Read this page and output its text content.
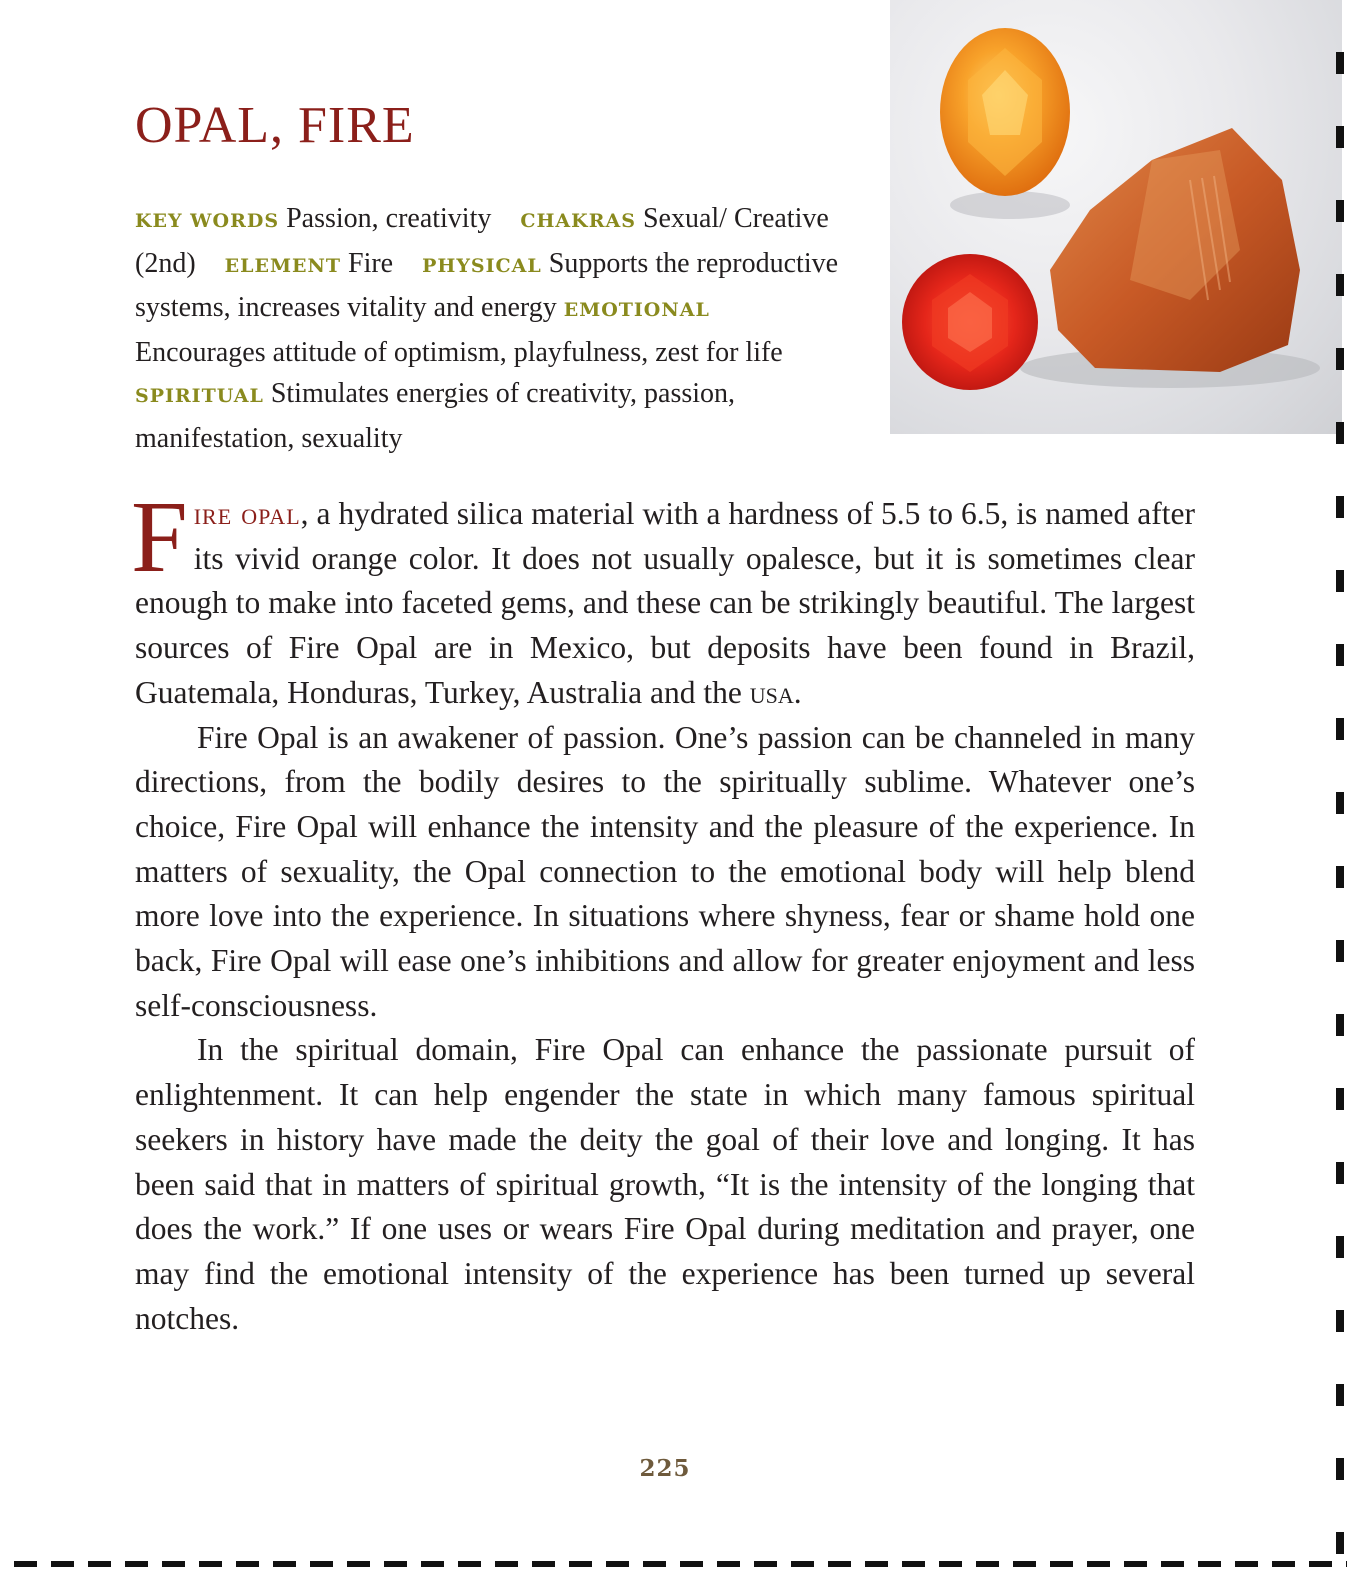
OPAL, FIRE
KEY WORDS Passion, creativity CHAKRAS Sexual/ Creative (2nd) ELEMENT Fire PHYSICAL Supports the reproductive systems, increases vitality and energy EMOTIONAL Encourages attitude of optimism, playfulness, zest for life SPIRITUAL Stimulates energies of creativity, passion, manifestation, sexuality

Fire opal, a hydrated silica material with a hardness of 5.5 to 6.5, is named after its vivid orange color. It does not usually opalesce, but it is sometimes clear enough to make into faceted gems, and these can be strikingly beautiful. The largest sources of Fire Opal are in Mexico, but deposits have been found in Brazil, Guatemala, Honduras, Turkey, Australia and the usa.

Fire Opal is an awakener of passion. One’s passion can be channeled in many directions, from the bodily desires to the spiritually sublime. Whatever one’s choice, Fire Opal will enhance the intensity and the pleasure of the experience. In matters of sexuality, the Opal connection to the emotional body will help blend more love into the experience. In situations where shyness, fear or shame hold one back, Fire Opal will ease one’s inhibitions and allow for greater enjoyment and less self-consciousness.

In the spiritual domain, Fire Opal can enhance the passionate pursuit of enlightenment. It can help engender the state in which many famous spiritual seekers in history have made the deity the goal of their love and longing. It has been said that in matters of spiritual growth, “It is the intensity of the longing that does the work.” If one uses or wears Fire Opal during meditation and prayer, one may find the emotional intensity of the experience has been turned up several notches.

225
